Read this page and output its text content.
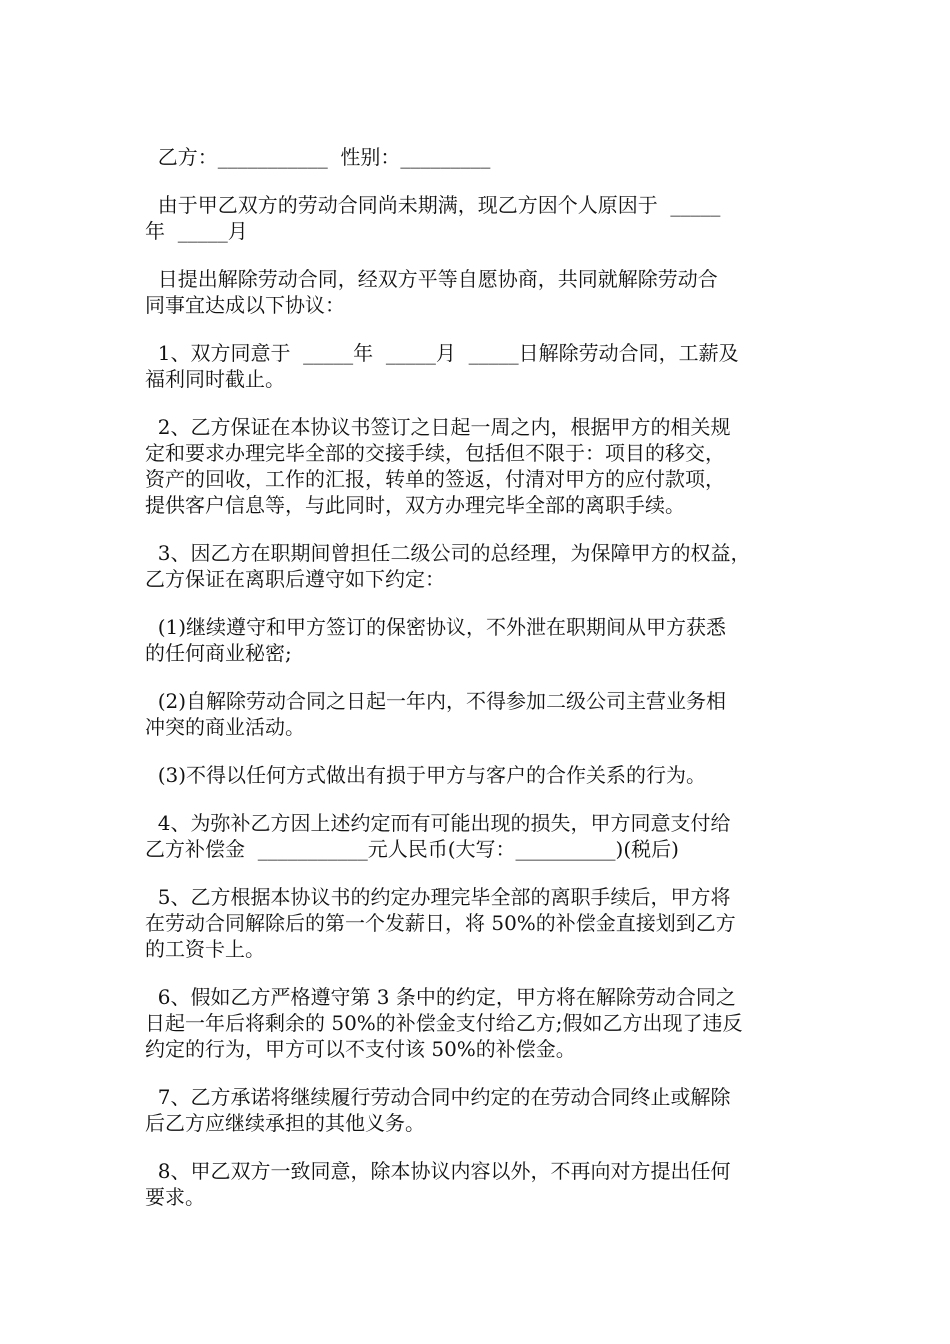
乙方：___________  性别：_________

由于甲乙双方的劳动合同尚未期满，现乙方因个人原因于  _____
年  _____月

日提出解除劳动合同，经双方平等自愿协商，共同就解除劳动合
同事宜达成以下协议：

1、双方同意于  _____年  _____月  _____日解除劳动合同，工薪及
福利同时截止。

2、乙方保证在本协议书签订之日起一周之内，根据甲方的相关规
定和要求办理完毕全部的交接手续，包括但不限于：项目的移交，
资产的回收，工作的汇报，转单的签返，付清对甲方的应付款项，
提供客户信息等，与此同时，双方办理完毕全部的离职手续。

3、因乙方在职期间曾担任二级公司的总经理，为保障甲方的权益，
乙方保证在离职后遵守如下约定：

(1)继续遵守和甲方签订的保密协议，不外泄在职期间从甲方获悉
的任何商业秘密;

(2)自解除劳动合同之日起一年内，不得参加二级公司主营业务相
冲突的商业活动。

(3)不得以任何方式做出有损于甲方与客户的合作关系的行为。

4、为弥补乙方因上述约定而有可能出现的损失，甲方同意支付给
乙方补偿金  ___________元人民币(大写：__________)(税后)

5、乙方根据本协议书的约定办理完毕全部的离职手续后，甲方将
在劳动合同解除后的第一个发薪日，将 50%的补偿金直接划到乙方
的工资卡上。

6、假如乙方严格遵守第 3 条中的约定，甲方将在解除劳动合同之
日起一年后将剩余的 50%的补偿金支付给乙方;假如乙方出现了违反
约定的行为，甲方可以不支付该 50%的补偿金。

7、乙方承诺将继续履行劳动合同中约定的在劳动合同终止或解除
后乙方应继续承担的其他义务。

8、甲乙双方一致同意，除本协议内容以外，不再向对方提出任何
要求。
